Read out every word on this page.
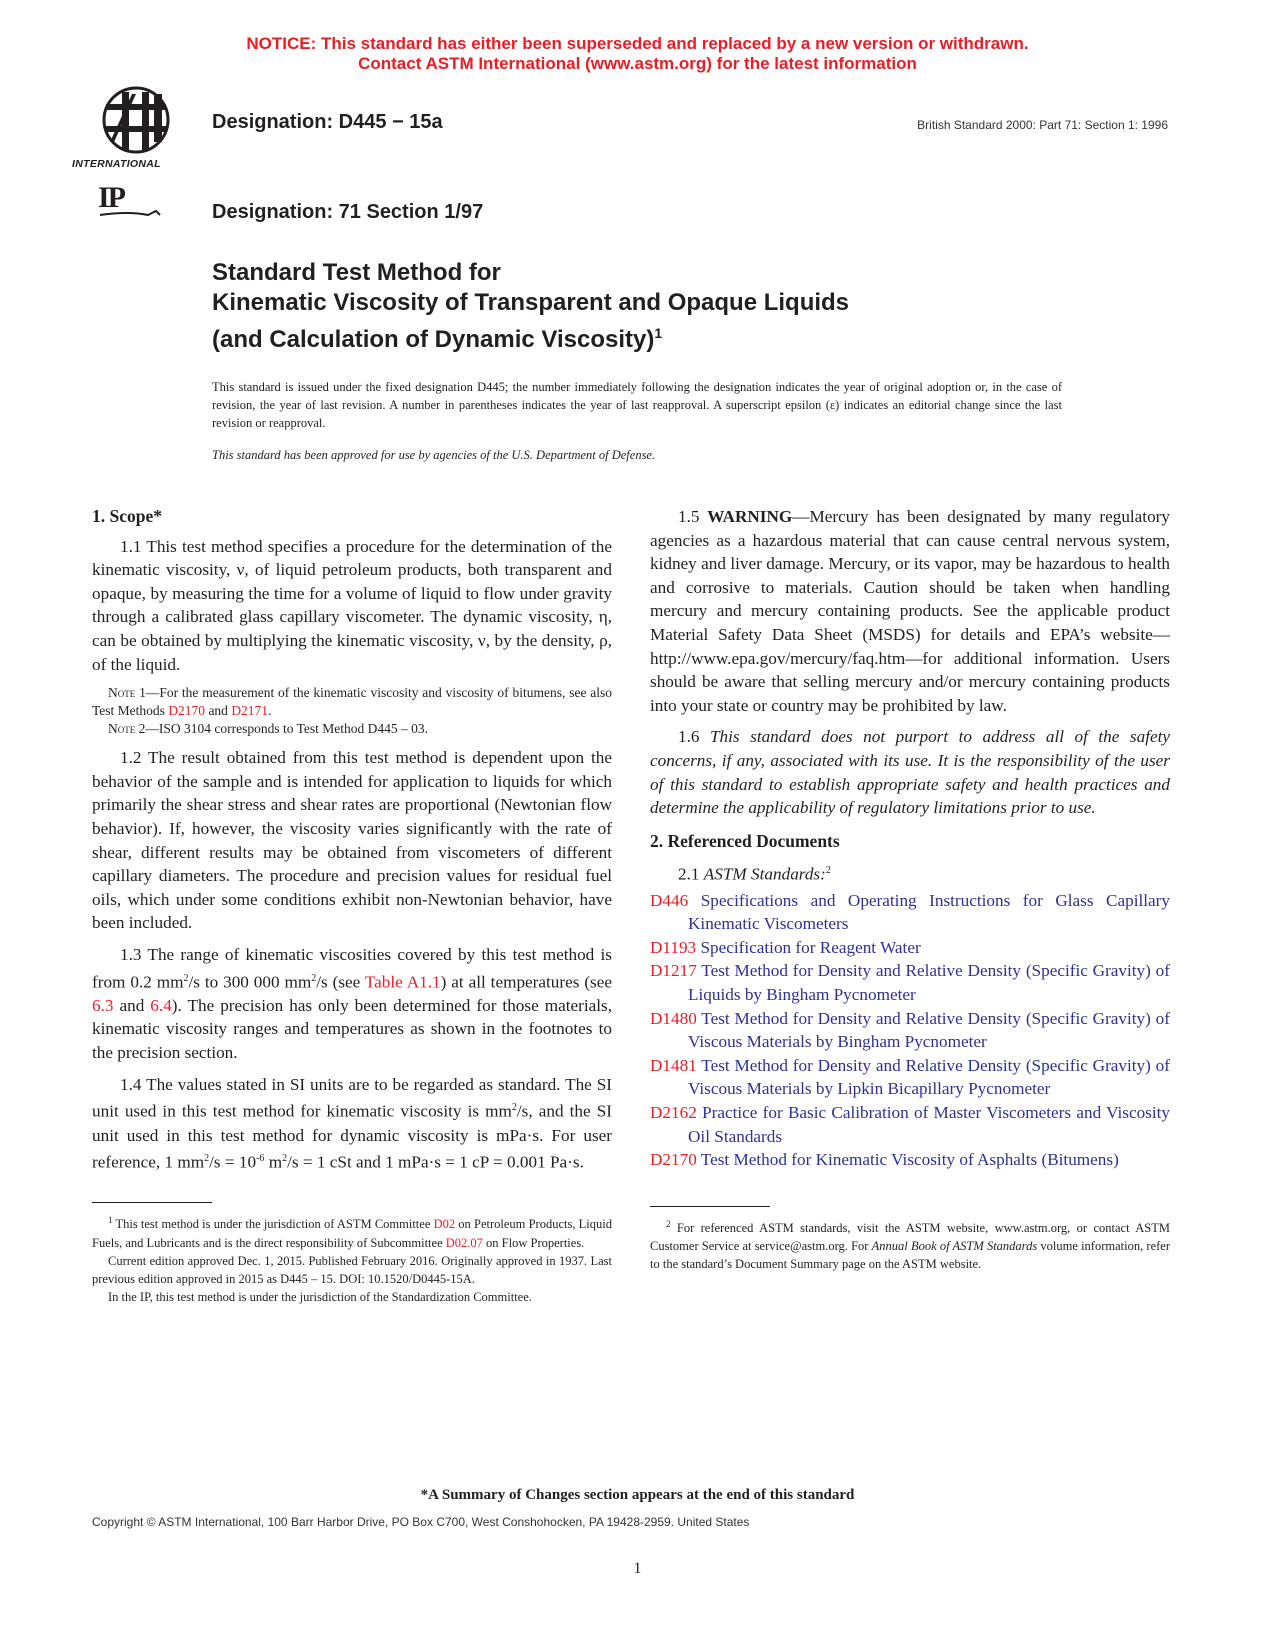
NOTICE: This standard has either been superseded and replaced by a new version or withdrawn.
Contact ASTM International (www.astm.org) for the latest information
INTERNATIONAL
IP
Designation: D445 − 15a	British Standard 2000: Part 71: Section 1: 1996
Designation: 71 Section 1/97
Standard Test Method for
Kinematic Viscosity of Transparent and Opaque Liquids
(and Calculation of Dynamic Viscosity)$^1$
This standard is issued under the fixed designation D445; the number immediately following the designation indicates the year of original adoption or, in the case of revision, the year of last revision. A number in parentheses indicates the year of last reapproval. A superscript epsilon (ε) indicates an editorial change since the last revision or reapproval.
This standard has been approved for use by agencies of the U.S. Department of Defense.
1. Scope*

1.1 This test method specifies a procedure for the determination of the kinematic viscosity, ν, of liquid petroleum products, both transparent and opaque, by measuring the time for a volume of liquid to flow under gravity through a calibrated glass capillary viscometer. The dynamic viscosity, η, can be obtained by multiplying the kinematic viscosity, ν, by the density, ρ, of the liquid.

Note 1—For the measurement of the kinematic viscosity and viscosity of bitumens, see also Test Methods D2170 and D2171.
Note 2—ISO 3104 corresponds to Test Method D445 – 03.

1.2 The result obtained from this test method is dependent upon the behavior of the sample and is intended for application to liquids for which primarily the shear stress and shear rates are proportional (Newtonian flow behavior). If, however, the viscosity varies significantly with the rate of shear, different results may be obtained from viscometers of different capillary diameters. The procedure and precision values for residual fuel oils, which under some conditions exhibit non-Newtonian behavior, have been included.

1.3 The range of kinematic viscosities covered by this test method is from 0.2 $mm^2/s$ to 300 000 $mm^2/s$ (see Table A1.1) at all temperatures (see 6.3 and 6.4). The precision has only been determined for those materials, kinematic viscosity ranges and temperatures as shown in the footnotes to the precision section.

1.4 The values stated in SI units are to be regarded as standard. The SI unit used in this test method for kinematic viscosity is $mm^2/s$, and the SI unit used in this test method for dynamic viscosity is mPa·s. For user reference, 1 $mm^2/s = 10^{-6}$ $m^2/s = 1$ cSt and 1 mPa·s = 1 cP = 0.001 Pa·s.

$^1$ This test method is under the jurisdiction of ASTM Committee D02 on Petroleum Products, Liquid Fuels, and Lubricants and is the direct responsibility of Subcommittee D02.07 on Flow Properties.

Current edition approved Dec. 1, 2015. Published February 2016. Originally approved in 1937. Last previous edition approved in 2015 as D445 – 15. DOI: 10.1520/D0445-15A.

In the IP, this test method is under the jurisdiction of the Standardization Committee.

1.5 WARNING—Mercury has been designated by many regulatory agencies as a hazardous material that can cause central nervous system, kidney and liver damage. Mercury, or its vapor, may be hazardous to health and corrosive to materials. Caution should be taken when handling mercury and mercury containing products. See the applicable product Material Safety Data Sheet (MSDS) for details and EPA’s website—http://www.epa.gov/mercury/faq.htm—for additional information. Users should be aware that selling mercury and/or mercury containing products into your state or country may be prohibited by law.

1.6 This standard does not purport to address all of the safety concerns, if any, associated with its use. It is the responsibility of the user of this standard to establish appropriate safety and health practices and determine the applicability of regulatory limitations prior to use.

2. Referenced Documents

2.1 ASTM Standards:$^2$

D446 Specifications and Operating Instructions for Glass Capillary Kinematic Viscometers
D1193 Specification for Reagent Water
D1217 Test Method for Density and Relative Density (Specific Gravity) of Liquids by Bingham Pycnometer
D1480 Test Method for Density and Relative Density (Specific Gravity) of Viscous Materials by Bingham Pycnometer
D1481 Test Method for Density and Relative Density (Specific Gravity) of Viscous Materials by Lipkin Bicapillary Pycnometer
D2162 Practice for Basic Calibration of Master Viscometers and Viscosity Oil Standards
D2170 Test Method for Kinematic Viscosity of Asphalts (Bitumens)

$^2$ For referenced ASTM standards, visit the ASTM website, www.astm.org, or contact ASTM Customer Service at service@astm.org. For Annual Book of ASTM Standards volume information, refer to the standard’s Document Summary page on the ASTM website.

*A Summary of Changes section appears at the end of this standard
Copyright © ASTM International, 100 Barr Harbor Drive, PO Box C700, West Conshohocken, PA 19428-2959. United States
1
